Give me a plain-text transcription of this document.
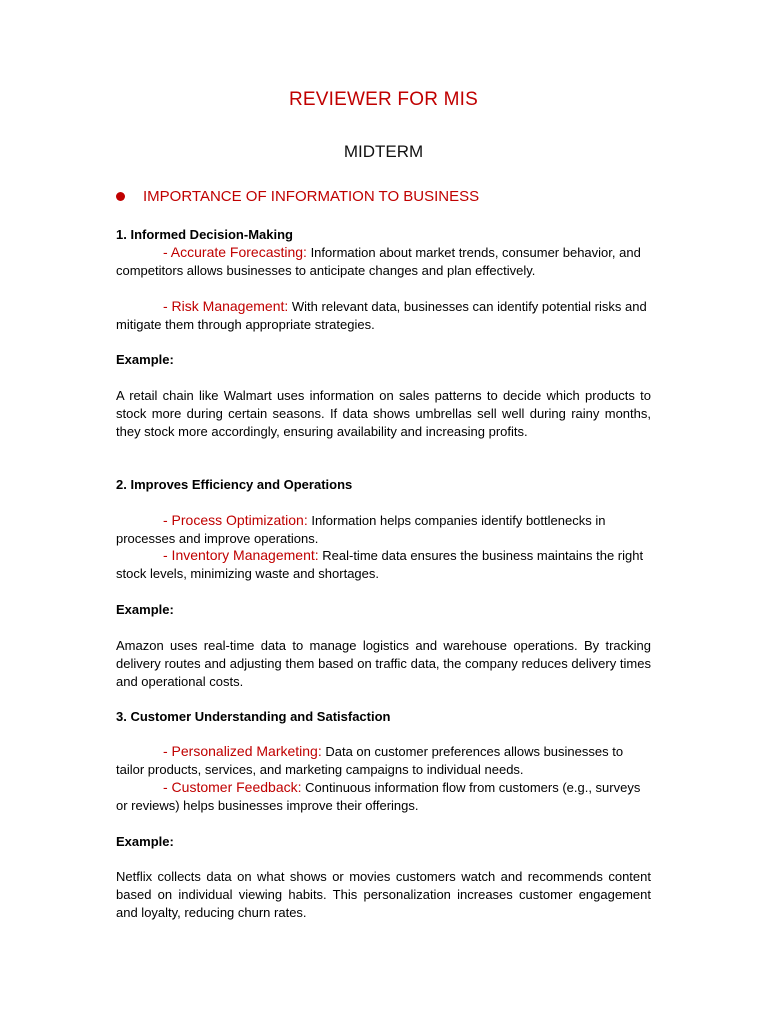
REVIEWER FOR MIS
MIDTERM
IMPORTANCE OF INFORMATION TO BUSINESS
1. Informed Decision-Making
- Accurate Forecasting: Information about market trends, consumer behavior, and competitors allows businesses to anticipate changes and plan effectively.
- Risk Management: With relevant data, businesses can identify potential risks and mitigate them through appropriate strategies.
Example:
A retail chain like Walmart uses information on sales patterns to decide which products to stock more during certain seasons. If data shows umbrellas sell well during rainy months, they stock more accordingly, ensuring availability and increasing profits.
2. Improves Efficiency and Operations
- Process Optimization: Information helps companies identify bottlenecks in processes and improve operations.
- Inventory Management: Real-time data ensures the business maintains the right stock levels, minimizing waste and shortages.
Example:
Amazon uses real-time data to manage logistics and warehouse operations. By tracking delivery routes and adjusting them based on traffic data, the company reduces delivery times and operational costs.
3. Customer Understanding and Satisfaction
- Personalized Marketing: Data on customer preferences allows businesses to tailor products, services, and marketing campaigns to individual needs.
- Customer Feedback: Continuous information flow from customers (e.g., surveys or reviews) helps businesses improve their offerings.
Example:
Netflix collects data on what shows or movies customers watch and recommends content based on individual viewing habits. This personalization increases customer engagement and loyalty, reducing churn rates.
